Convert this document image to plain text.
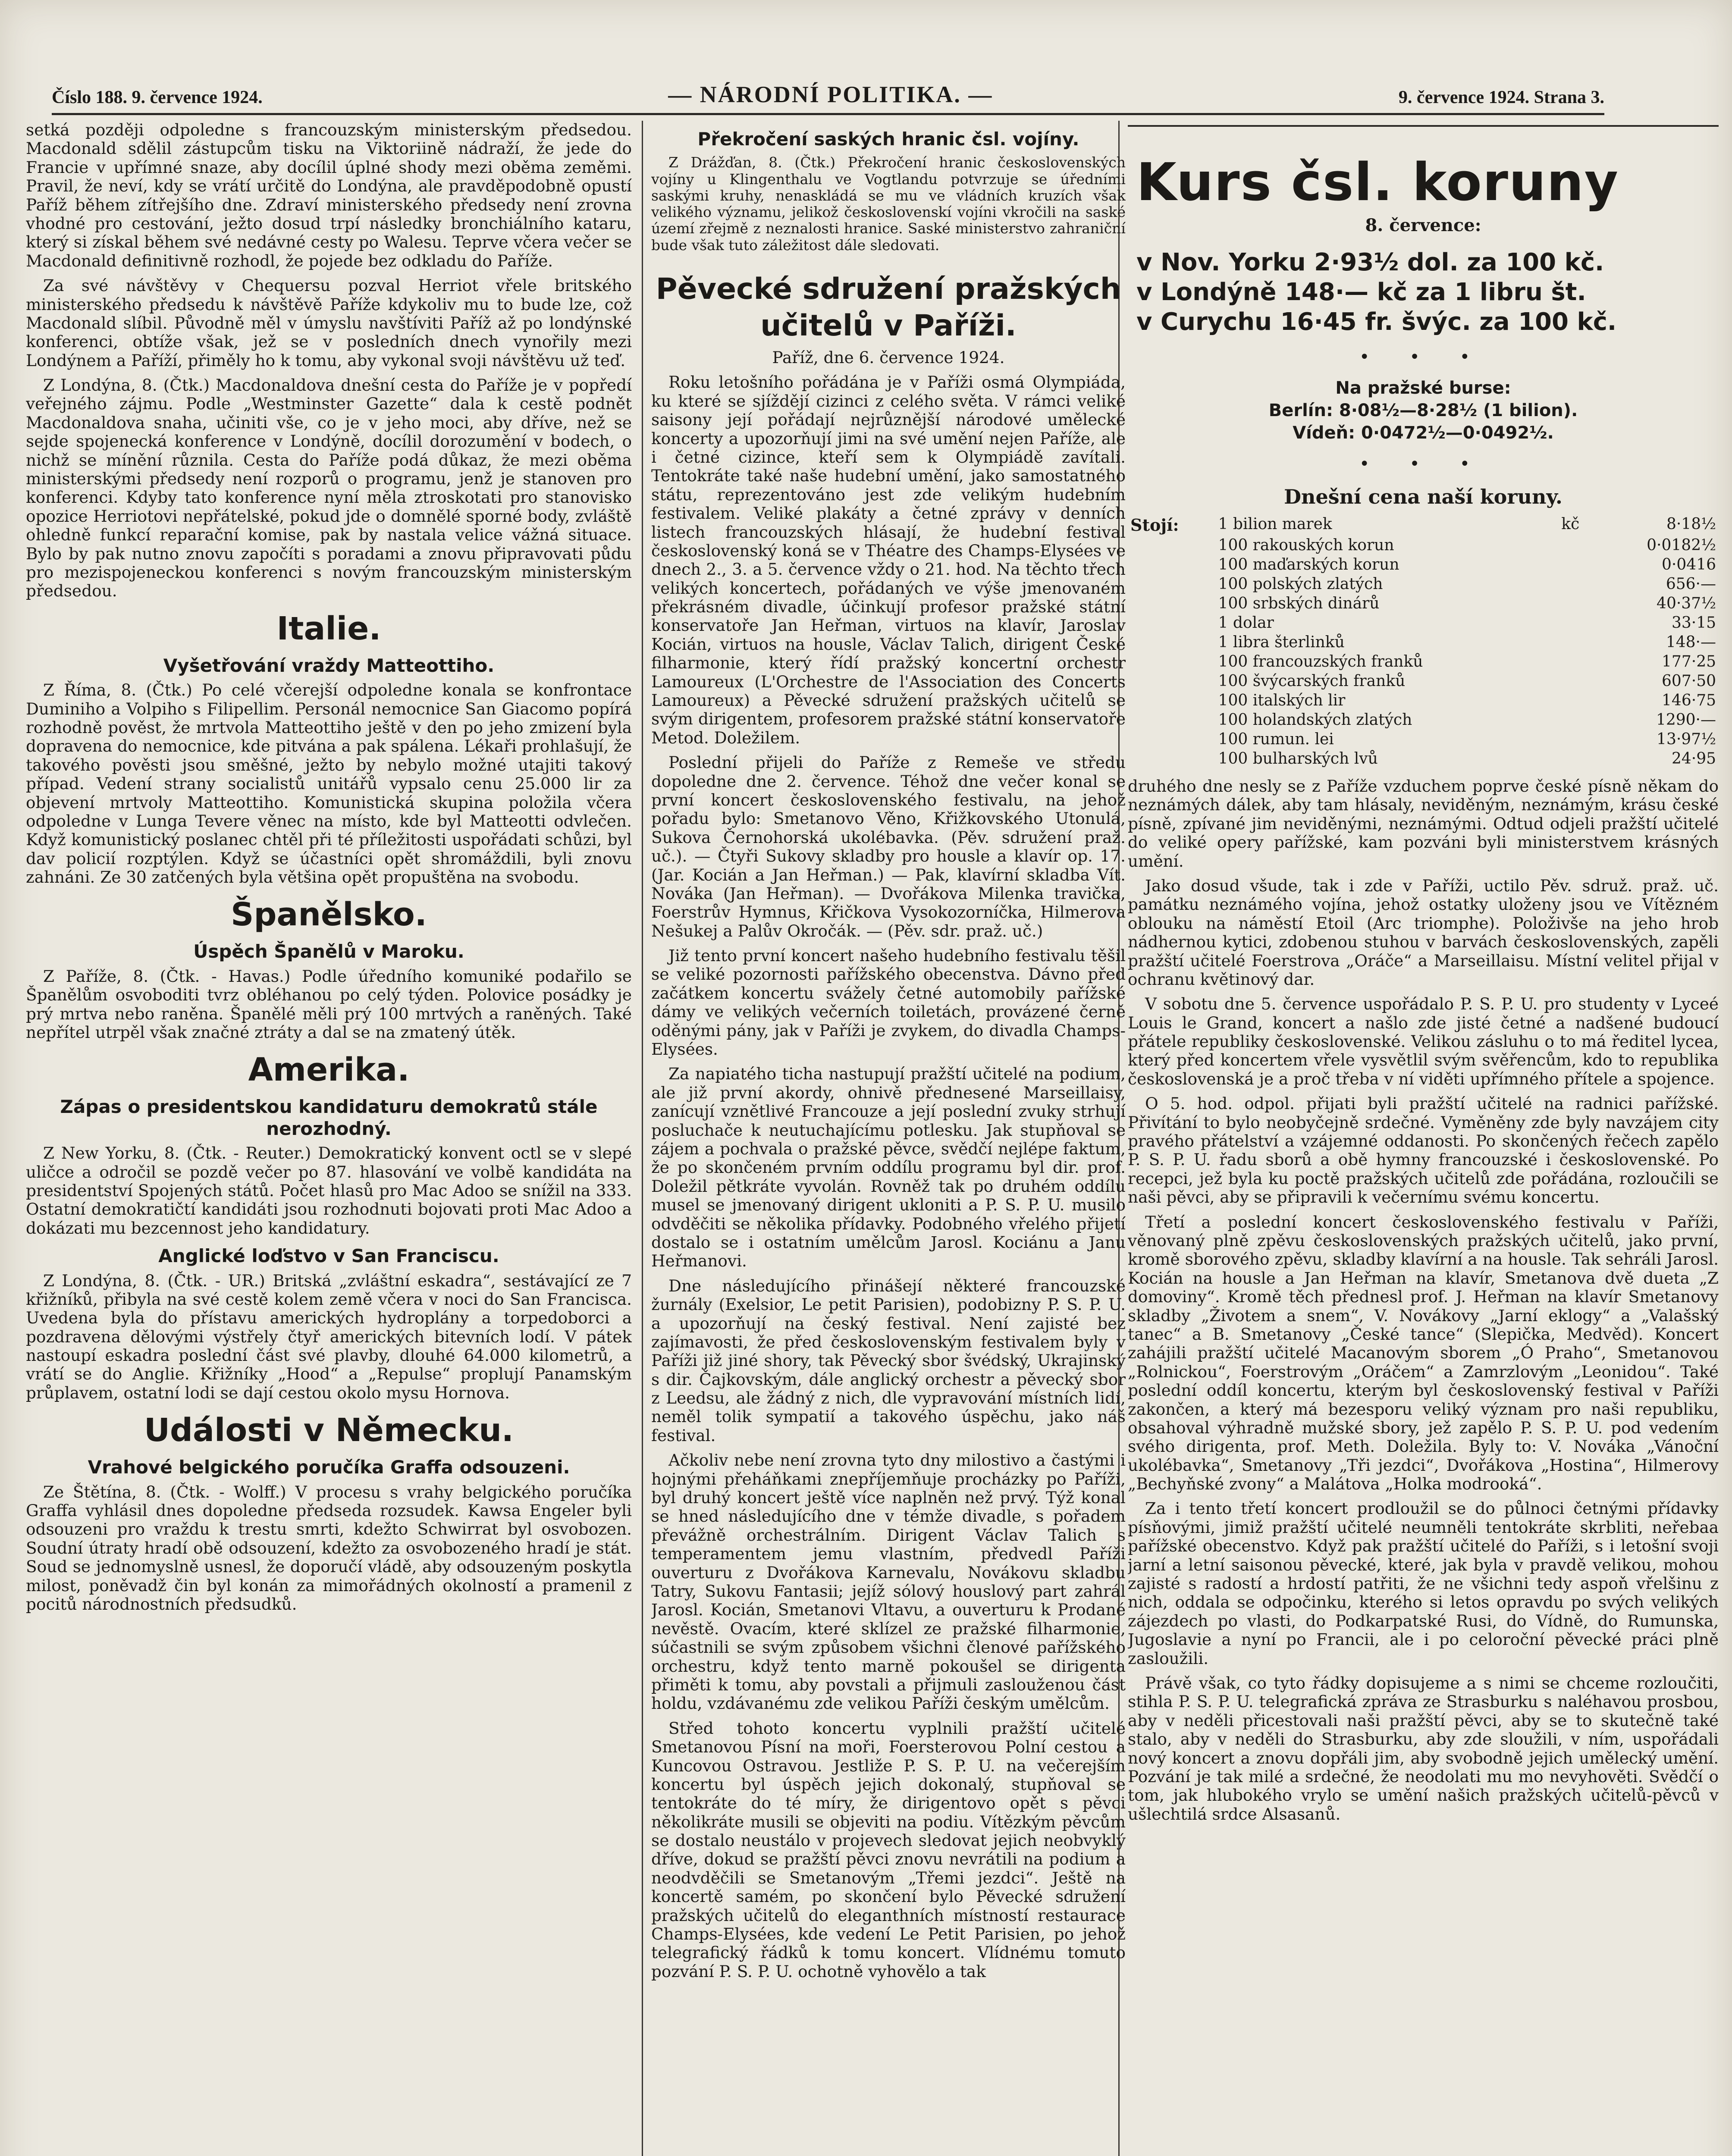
Číslo 188. 9. července 1924.	— NÁRODNÍ POLITIKA. —	9. července 1924. Strana 3.

setká později odpoledne s francouzským ministerským předsedou. Macdonald sdělil zástupcům tisku na Viktoriině nádraží, že jede do Francie v upřímné snaze, aby docílil úplné shody mezi oběma zeměmi. Pravil, že neví, kdy se vrátí určitě do Londýna, ale pravděpodobně opustí Paříž během zítřejšího dne. Zdraví ministerského předsedy není zrovna vhodné pro cestování, ježto dosud trpí následky bronchiálního kataru, který si získal během své nedávné cesty po Walesu. Teprve včera večer se Macdonald definitivně rozhodl, že pojede bez odkladu do Paříže.

Za své návštěvy v Chequersu pozval Herriot vřele britského ministerského předsedu k návštěvě Paříže kdykoliv mu to bude lze, což Macdonald slíbil. Původně měl v úmyslu navštíviti Paříž až po londýnské konferenci, obtíže však, jež se v posledních dnech vynořily mezi Londýnem a Paříží, přiměly ho k tomu, aby vykonal svoji návštěvu už teď.

Z Londýna, 8. (Čtk.) Macdonaldova dnešní cesta do Paříže je v popředí veřejného zájmu. Podle „Westminster Gazette“ dala k cestě podnět Macdonaldova snaha, učiniti vše, co je v jeho moci, aby dříve, než se sejde spojenecká konference v Londýně, docílil dorozumění v bodech, o nichž se mínění různila. Cesta do Paříže podá důkaz, že mezi oběma ministerskými předsedy není rozporů o programu, jenž je stanoven pro konferenci. Kdyby tato konference nyní měla ztroskotati pro stanovisko opozice Herriotovi nepřátelské, pokud jde o domnělé sporné body, zvláště ohledně funkcí reparační komise, pak by nastala velice vážná situace. Bylo by pak nutno znovu započíti s poradami a znovu připravovati půdu pro mezispojeneckou konferenci s novým francouzským ministerským předsedou.

Italie.
Vyšetřování vraždy Matteottiho.

Z Říma, 8. (Čtk.) Po celé včerejší odpoledne konala se konfrontace Duminiho a Volpiho s Filipellim. Personál nemocnice San Giacomo popírá rozhodně pověst, že mrtvola Matteottiho ještě v den po jeho zmizení byla dopravena do nemocnice, kde pitvána a pak spálena. Lékaři prohlašují, že takového pověsti jsou směšné, ježto by nebylo možné utajiti takový případ. Vedení strany socialistů unitářů vypsalo cenu 25.000 lir za objevení mrtvoly Matteottiho. Komunistická skupina položila včera odpoledne v Lunga Tevere věnec na místo, kde byl Matteotti odvlečen. Když komunistický poslanec chtěl při té příležitosti uspořádati schůzi, byl dav policií rozptýlen. Když se účastníci opět shromáždili, byli znovu zahnáni. Ze 30 zatčených byla většina opět propuštěna na svobodu.

Španělsko.
Úspěch Španělů v Maroku.

Z Paříže, 8. (Čtk. - Havas.) Podle úředního komuniké podařilo se Španělům osvoboditi tvrz obléhanou po celý týden. Polovice posádky je prý mrtva nebo raněna. Španělé měli prý 100 mrtvých a raněných. Také nepřítel utrpěl však značné ztráty a dal se na zmatený útěk.

Amerika.
Zápas o presidentskou kandidaturu demokratů stále nerozhodný.

Z New Yorku, 8. (Čtk. - Reuter.) Demokratický konvent octl se v slepé uličce a odročil se pozdě večer po 87. hlasování ve volbě kandidáta na presidentství Spojených států. Počet hlasů pro Mac Adoo se snížil na 333. Ostatní demokratičtí kandidáti jsou rozhodnuti bojovati proti Mac Adoo a dokázati mu bezcennost jeho kandidatury.

Anglické loďstvo v San Franciscu.

Z Londýna, 8. (Čtk. - UR.) Britská „zvláštní eskadra“, sestávající ze 7 křižníků, přibyla na své cestě kolem země včera v noci do San Francisca. Uvedena byla do přístavu amerických hydroplány a torpedoborci a pozdravena dělovými výstřely čtyř amerických bitevních lodí. V pátek nastoupí eskadra poslední část své plavby, dlouhé 64.000 kilometrů, a vrátí se do Anglie. Křižníky „Hood“ a „Repulse“ proplují Panamským průplavem, ostatní lodi se dají cestou okolo mysu Hornova.

Události v Německu.
Vrahové belgického poručíka Graffa odsouzeni.

Ze Štětína, 8. (Čtk. - Wolff.) V procesu s vrahy belgického poručíka Graffa vyhlásil dnes dopoledne předseda rozsudek. Kawsa Engeler byli odsouzeni pro vraždu k trestu smrti, kdežto Schwirrat byl osvobozen. Soudní útraty hradí obě odsouzení, kdežto za osvobozeného hradí je stát. Soud se jednomyslně usnesl, že doporučí vládě, aby odsouzeným poskytla milost, poněvadž čin byl konán za mimořádných okolností a pramenil z pocitů národnostních předsudků.

Překročení saských hranic čsl. vojíny.

Z Drážďan, 8. (Čtk.) Překročení hranic československých vojíny u Klingenthalu ve Vogtlandu potvrzuje se úředními saskými kruhy, nenaskládá se mu ve vládních kruzích však velikého významu, jelikož československí vojíni vkročili na saské území zřejmě z neznalosti hranice. Saské ministerstvo zahraniční bude však tuto záležitost dále sledovati.

Pěvecké sdružení pražských učitelů v Paříži.

Paříž, dne 6. července 1924.

Roku letošního pořádána je v Paříži osmá Olympiáda, ku které se sjíždějí cizinci z celého světa. V rámci veliké saisony její pořádají nejrůznější národové umělecké koncerty a upozorňují jimi na své umění nejen Paříže, ale i četné cizince, kteří sem k Olympiádě zavítali. Tentokráte také naše hudební umění, jako samostatného státu, reprezentováno jest zde velikým hudebním festivalem. Veliké plakáty a četné zprávy v denních listech francouzských hlásají, že hudební festival československý koná se v Théatre des Champs-Elysées ve dnech 2., 3. a 5. července vždy o 21. hod. Na těchto třech velikých koncertech, pořádaných ve výše jmenovaném překrásném divadle, účinkují profesor pražské státní konservatoře Jan Heřman, virtuos na klavír, Jaroslav Kocián, virtuos na housle, Václav Talich, dirigent České filharmonie, který řídí pražský koncertní orchestr Lamoureux (L'Orchestre de l'Association des Concerts Lamoureux) a Pěvecké sdružení pražských učitelů se svým dirigentem, profesorem pražské státní konservatoře Metod. Doležilem.

Poslední přijeli do Paříže z Remeše ve středu dopoledne dne 2. července. Téhož dne večer konal se první koncert československého festivalu, na jehož pořadu bylo: Smetanovo Věno, Křižkovského Utonulá, Sukova Černohorská ukolébavka. (Pěv. sdružení praž. uč.). — Čtyři Sukovy skladby pro housle a klavír op. 17. (Jar. Kocián a Jan Heřman.) — Pak, klavírní skladba Vít. Nováka (Jan Heřman). — Dvořákova Milenka travička, Foerstrův Hymnus, Křičkova Vysokozorníčka, Hilmerova Nešukej a Palův Okročák. — (Pěv. sdr. praž. uč.)

Již tento první koncert našeho hudebního festivalu těšil se veliké pozornosti pařížského obecenstva. Dávno před začátkem koncertu svážely četné automobily pařížské dámy ve velikých večerních toiletách, provázené černě oděnými pány, jak v Paříži je zvykem, do divadla Champs-Elysées.

Za napiatého ticha nastupují pražští učitelé na podium, ale již první akordy, ohnivě přednesené Marseillaisy, zanícují vznětlivé Francouze a její poslední zvuky strhují posluchače k neutuchajícímu potlesku. Jak stupňoval se zájem a pochvala o pražské pěvce, svědčí nejlépe faktum, že po skončeném prvním oddílu programu byl dir. prof. Doležil pětkráte vyvolán. Rovněž tak po druhém oddílu musel se jmenovaný dirigent ukloniti a P. S. P. U. musilo odvděčiti se několika přídavky. Podobného vřelého přijetí dostalo se i ostatním umělcům Jarosl. Kociánu a Janu Heřmanovi.

Dne následujícího přinášejí některé francouzské žurnály (Exelsior, Le petit Parisien), podobizny P. S. P. U. a upozorňují na český festival. Není zajisté bez zajímavosti, že před československým festivalem byly v Paříži již jiné shory, tak Pěvecký sbor švédský, Ukrajinský s dir. Čajkovským, dále anglický orchestr a pěvecký sbor z Leedsu, ale žádný z nich, dle vypravování místních lidí, neměl tolik sympatií a takového úspěchu, jako náš festival.

Ačkoliv nebe není zrovna tyto dny milostivo a častými i hojnými přeháňkami znepříjemňuje procházky po Paříži, byl druhý koncert ještě více naplněn než prvý. Týž konal se hned následujícího dne v témže divadle, s pořadem převážně orchestrálním. Dirigent Václav Talich s temperamentem jemu vlastním, předvedl Paříži ouverturu z Dvořákova Karnevalu, Novákovu skladbu Tatry, Sukovu Fantasii; jejíž sólový houslový part zahrál Jarosl. Kocián, Smetanovi Vltavu, a ouverturu k Prodané nevěstě. Ovacím, které sklízel ze pražské filharmonie, súčastnili se svým způsobem všichni členové pařížského orchestru, když tento marně pokoušel se dirigenta přiměti k tomu, aby povstali a přijmuli zaslouženou část holdu, vzdávanému zde velikou Paříži českým umělcům.

Střed tohoto koncertu vyplnili pražští učitelé Smetanovou Písní na moři, Foersterovou Polní cestou a Kuncovou Ostravou. Jestliže P. S. P. U. na večerejším koncertu byl úspěch jejich dokonalý, stupňoval se tentokráte do té míry, že dirigentovo opět s pěvci několikráte musili se objeviti na podiu. Vítězkým pěvcům se dostalo neustálo v projevech sledovat jejich neobvyklý dříve, dokud se pražští pěvci znovu nevrátili na podium a neodvděčili se Smetanovým „Třemi jezdci“. Ještě na koncertě samém, po skončení bylo Pěvecké sdružení pražských učitelů do eleganthních místností restaurace Champs-Elysées, kde vedení Le Petit Parisien, po jehož telegrafický řádků k tomu koncert. Vlídnému tomuto pozvání P. S. P. U. ochotně vyhovělo a tak

Kurs čsl. koruny
8. července:
v Nov. Yorku 2·93½ dol. za 100 kč.
v Londýně 148·— kč za 1 libru št.
v Curychu 16·45 fr. švýc. za 100 kč.
• • •
Na pražské burse:
Berlín: 8·08½—8·28½ (1 bilion).
Vídeň: 0·0472½—0·0492½.
• • •
Dnešní cena naší koruny.
Stojí:	1 bilion marek	kč	8·18½
	100 rakouských korun		0·0182½
	100 maďarských korun		0·0416
	100 polských zlatých		656·—
	100 srbských dinárů		40·37½
	1 dolar		33·15
	1 libra šterlinků		148·—
	100 francouzských franků		177·25
	100 švýcarských franků		607·50
	100 italských lir		146·75
	100 holandských zlatých		1290·—
	100 rumun. lei		13·97½
	100 bulharských lvů		24·95

druhého dne nesly se z Paříže vzduchem poprve české písně někam do neznámých dálek, aby tam hlásaly, neviděným, neznámým, krásu české písně, zpívané jim neviděnými, neznámými. Odtud odjeli pražští učitelé do veliké opery pařížské, kam pozváni byli ministerstvem krásných umění.

Jako dosud všude, tak i zde v Paříži, uctilo Pěv. sdruž. praž. uč. památku neznámého vojína, jehož ostatky uloženy jsou ve Vítězném oblouku na náměstí Etoil (Arc triomphe). Položivše na jeho hrob nádhernou kytici, zdobenou stuhou v barvách československých, zapěli pražští učitelé Foerstrova „Oráče“ a Marseillaisu. Místní velitel přijal v ochranu květinový dar.

V sobotu dne 5. července uspořádalo P. S. P. U. pro studenty v Lyceé Louis le Grand, koncert a našlo zde jisté četné a nadšené budoucí přátele republiky československé. Velikou zásluhu o to má ředitel lycea, který před koncertem vřele vysvětlil svým svěřencům, kdo to republika československá je a proč třeba v ní viděti upřímného přítele a spojence.

O 5. hod. odpol. přijati byli pražští učitelé na radnici pařížské. Přivítání to bylo neobyčejně srdečné. Vyměněny zde byly navzájem city pravého přátelství a vzájemné oddanosti. Po skončených řečech zapělo P. S. P. U. řadu sborů a obě hymny francouzské i československé. Po recepci, jež byla ku poctě pražských učitelů zde pořádána, rozloučili se naši pěvci, aby se připravili k večernímu svému koncertu.

Třetí a poslední koncert československého festivalu v Paříži, věnovaný plně zpěvu československých pražských učitelů, jako první, kromě sborového zpěvu, skladby klavírní a na housle. Tak sehráli Jarosl. Kocián na housle a Jan Heřman na klavír, Smetanova dvě dueta „Z domoviny“. Kromě těch přednesl prof. J. Heřman na klavír Smetanovy skladby „Životem a snem“, V. Novákovy „Jarní eklogy“ a „Valašský tanec“ a B. Smetanovy „České tance“ (Slepička, Medvěd). Koncert zahájili pražští učitelé Macanovým sborem „Ó Praho“, Smetanovou „Rolnickou“, Foerstrovým „Oráčem“ a Zamrzlovým „Leonidou“. Také poslední oddíl koncertu, kterým byl československý festival v Paříži zakončen, a který má bezesporu veliký význam pro naši republiku, obsahoval výhradně mužské sbory, jež zapělo P. S. P. U. pod vedením svého dirigenta, prof. Meth. Doležila. Byly to: V. Nováka „Vánoční ukolébavka“, Smetanovy „Tři jezdci“, Dvořákova „Hostina“, Hilmerovy „Bechyňské zvony“ a Malátova „Holka modrooká“.

Za i tento třetí koncert prodloužil se do půlnoci četnými přídavky písňovými, jimiž pražští učitelé neumněli tentokráte skrbliti, neřebaa pařížské obecenstvo. Když pak pražští učitelé do Paříži, s i letošní svoji jarní a letní saisonou pěvecké, které, jak byla v pravdě velikou, mohou zajisté s radostí a hrdostí patřiti, že ne všichni tedy aspoň vřelšinu z nich, oddala se odpočinku, kterého si letos opravdu po svých velikých zájezdech po vlasti, do Podkarpatské Rusi, do Vídně, do Rumunska, Jugoslavie a nyní po Francii, ale i po celoroční pěvecké práci plně zasloužili.

Právě však, co tyto řádky dopisujeme a s nimi se chceme rozloučiti, stihla P. S. P. U. telegrafická zpráva ze Strasburku s naléhavou prosbou, aby v neděli přicestovali naši pražští pěvci, aby se to skutečně také stalo, aby v neděli do Strasburku, aby zde sloužili, v ním, uspořádali nový koncert a znovu dopřáli jim, aby svobodně jejich umělecký umění. Pozvání je tak milé a srdečné, že neodolati mu mo nevyhověti. Svědčí o tom, jak hlubokého vrylo se umění našich pražských učitelů-pěvců v ušlechtilá srdce Alsasanů.
